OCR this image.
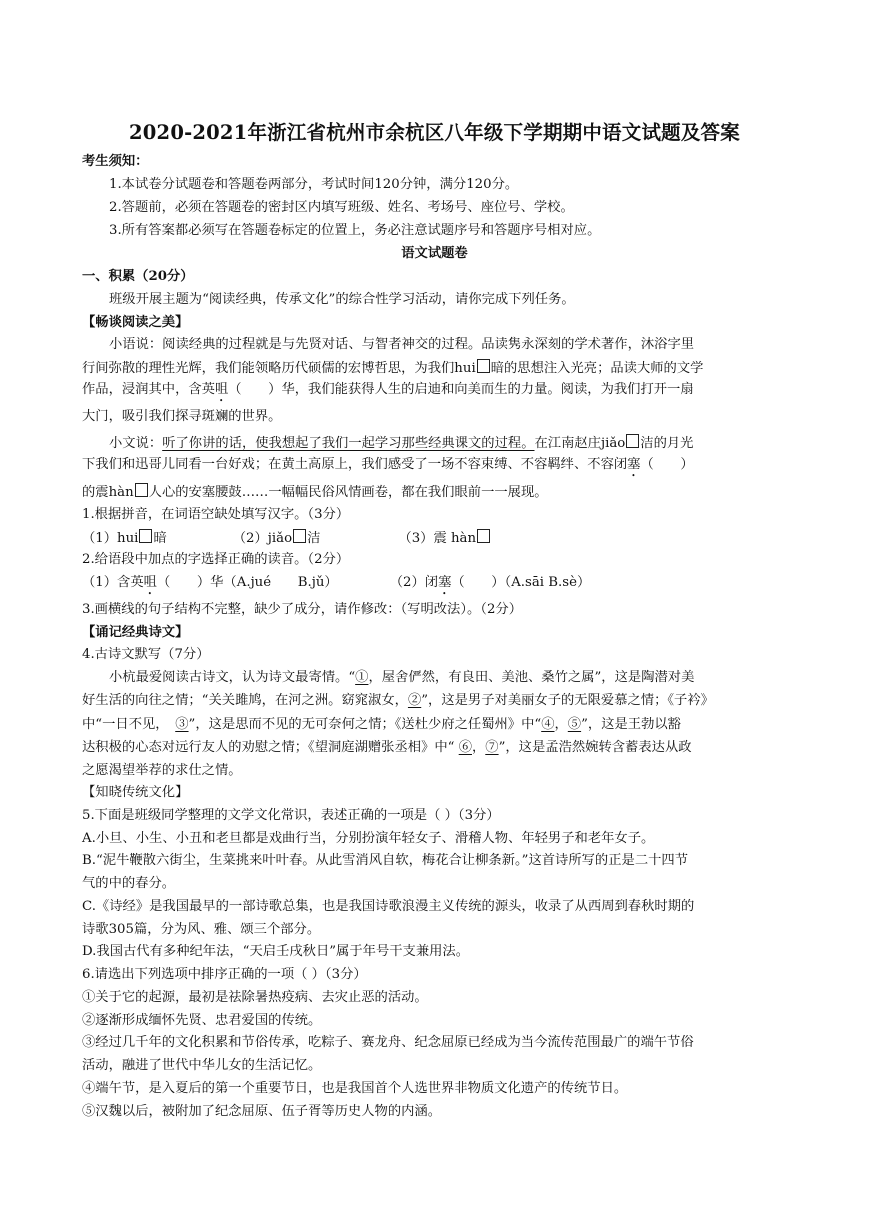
2020-2021年浙江省杭州市余杭区八年级下学期期中语文试题及答案
考生须知：
1.本试卷分试题卷和答题卷两部分，考试时间120分钟，满分120分。
2.答题前，必须在答题卷的密封区内填写班级、姓名、考场号、座位号、学校。
3.所有答案都必须写在答题卷标定的位置上，务必注意试题序号和答题序号相对应。
语文试题卷
一、积累（20分）
班级开展主题为“阅读经典，传承文化”的综合性学习活动，请你完成下列任务。
【畅谈阅读之美】
小语说：阅读经典的过程就是与先贤对话、与智者神交的过程。品读隽永深刻的学术著作，沐浴字里
行间弥散的理性光辉，我们能领略历代硕儒的宏博哲思，为我们hui 暗的思想注入光亮；品读大师的文学
作品，浸润其中，含英咀（　　）华，我们能获得人生的启迪和向美而生的力量。阅读，为我们打开一扇
大门，吸引我们探寻斑斓的世界。
小文说：听了你讲的话，使我想起了我们一起学习那些经典课文的过程。在江南赵庄jiǎo 洁的月光
下我们和迅哥儿同看一台好戏；在黄土高原上，我们感受了一场不容束缚、不容羁绊、不容闭塞（　　）
的震hàn 人心的安塞腰鼓……一幅幅民俗风情画卷，都在我们眼前一一展现。
1.根据拼音，在词语空缺处填写汉字。（3分）
（1）hui 暗	（2）jiǎo 洁	（3）震 hàn
2.给语段中加点的字选择正确的读音。（2分）
（1）含英咀（　　）华（A.jué　　B.jǔ）	（2）闭塞（　　）（A.sāi B.sè）
3.画横线的句子结构不完整，缺少了成分，请作修改：（写明改法）。（2分）
【诵记经典诗文】
4.古诗文默写（7分）
小杭最爱阅读古诗文，认为诗文最寄情。“①，屋舍俨然，有良田、美池、桑竹之属”，这是陶潜对美
好生活的向往之情；“关关雎鸠，在河之洲。窈窕淑女，②”，这是男子对美丽女子的无限爱慕之情；《子衿》
中“一日不见，　③”，这是思而不见的无可奈何之情；《送杜少府之任蜀州》中“④，⑤”，这是王勃以豁
达积极的心态对远行友人的劝慰之情；《望洞庭湖赠张丞相》中“ ⑥，⑦”，这是孟浩然婉转含蓄表达从政
之愿渴望举荐的求仕之情。
【知晓传统文化】
5.下面是班级同学整理的文学文化常识，表述正确的一项是（ ）（3分）
A.小旦、小生、小丑和老旦都是戏曲行当，分别扮演年轻女子、滑稽人物、年轻男子和老年女子。
B.“泥牛鞭散六街尘，生菜挑来叶叶春。从此雪消风自软，梅花合让柳条新。”这首诗所写的正是二十四节
气的中的春分。
C.《诗经》是我国最早的一部诗歌总集，也是我国诗歌浪漫主义传统的源头，收录了从西周到春秋时期的
诗歌305篇，分为风、雅、颂三个部分。
D.我国古代有多种纪年法，“天启壬戌秋日”属于年号干支兼用法。
6.请选出下列选项中排序正确的一项（ ）（3分）
①关于它的起源，最初是祛除暑热疫病、去灾止恶的活动。
②逐渐形成缅怀先贤、忠君爱国的传统。
③经过几千年的文化积累和节俗传承，吃粽子、赛龙舟、纪念屈原已经成为当今流传范围最广的端午节俗
活动，融进了世代中华儿女的生活记忆。
④端午节，是入夏后的第一个重要节日，也是我国首个人选世界非物质文化遗产的传统节日。
⑤汉魏以后，被附加了纪念屈原、伍子胥等历史人物的内涵。
